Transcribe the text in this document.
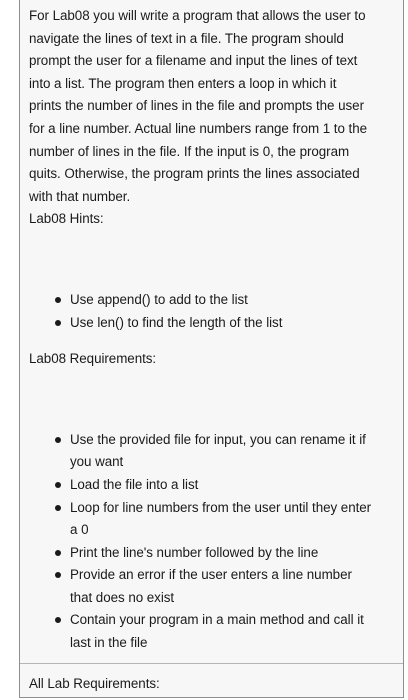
For Lab08 you will write a program that allows the user to
navigate the lines of text in a file. The program should
prompt the user for a filename and input the lines of text
into a list. The program then enters a loop in which it
prints the number of lines in the file and prompts the user
for a line number. Actual line numbers range from 1 to the
number of lines in the file. If the input is 0, the program
quits. Otherwise, the program prints the lines associated
with that number.

Lab08 Hints:

Use append() to add to the list
Use len() to find the length of the list

Lab08 Requirements:

Use the provided file for input, you can rename it if
you want
Load the file into a list
Loop for line numbers from the user until they enter
a 0
Print the line's number followed by the line
Provide an error if the user enters a line number
that does no exist
Contain your program in a main method and call it
last in the file

All Lab Requirements:
